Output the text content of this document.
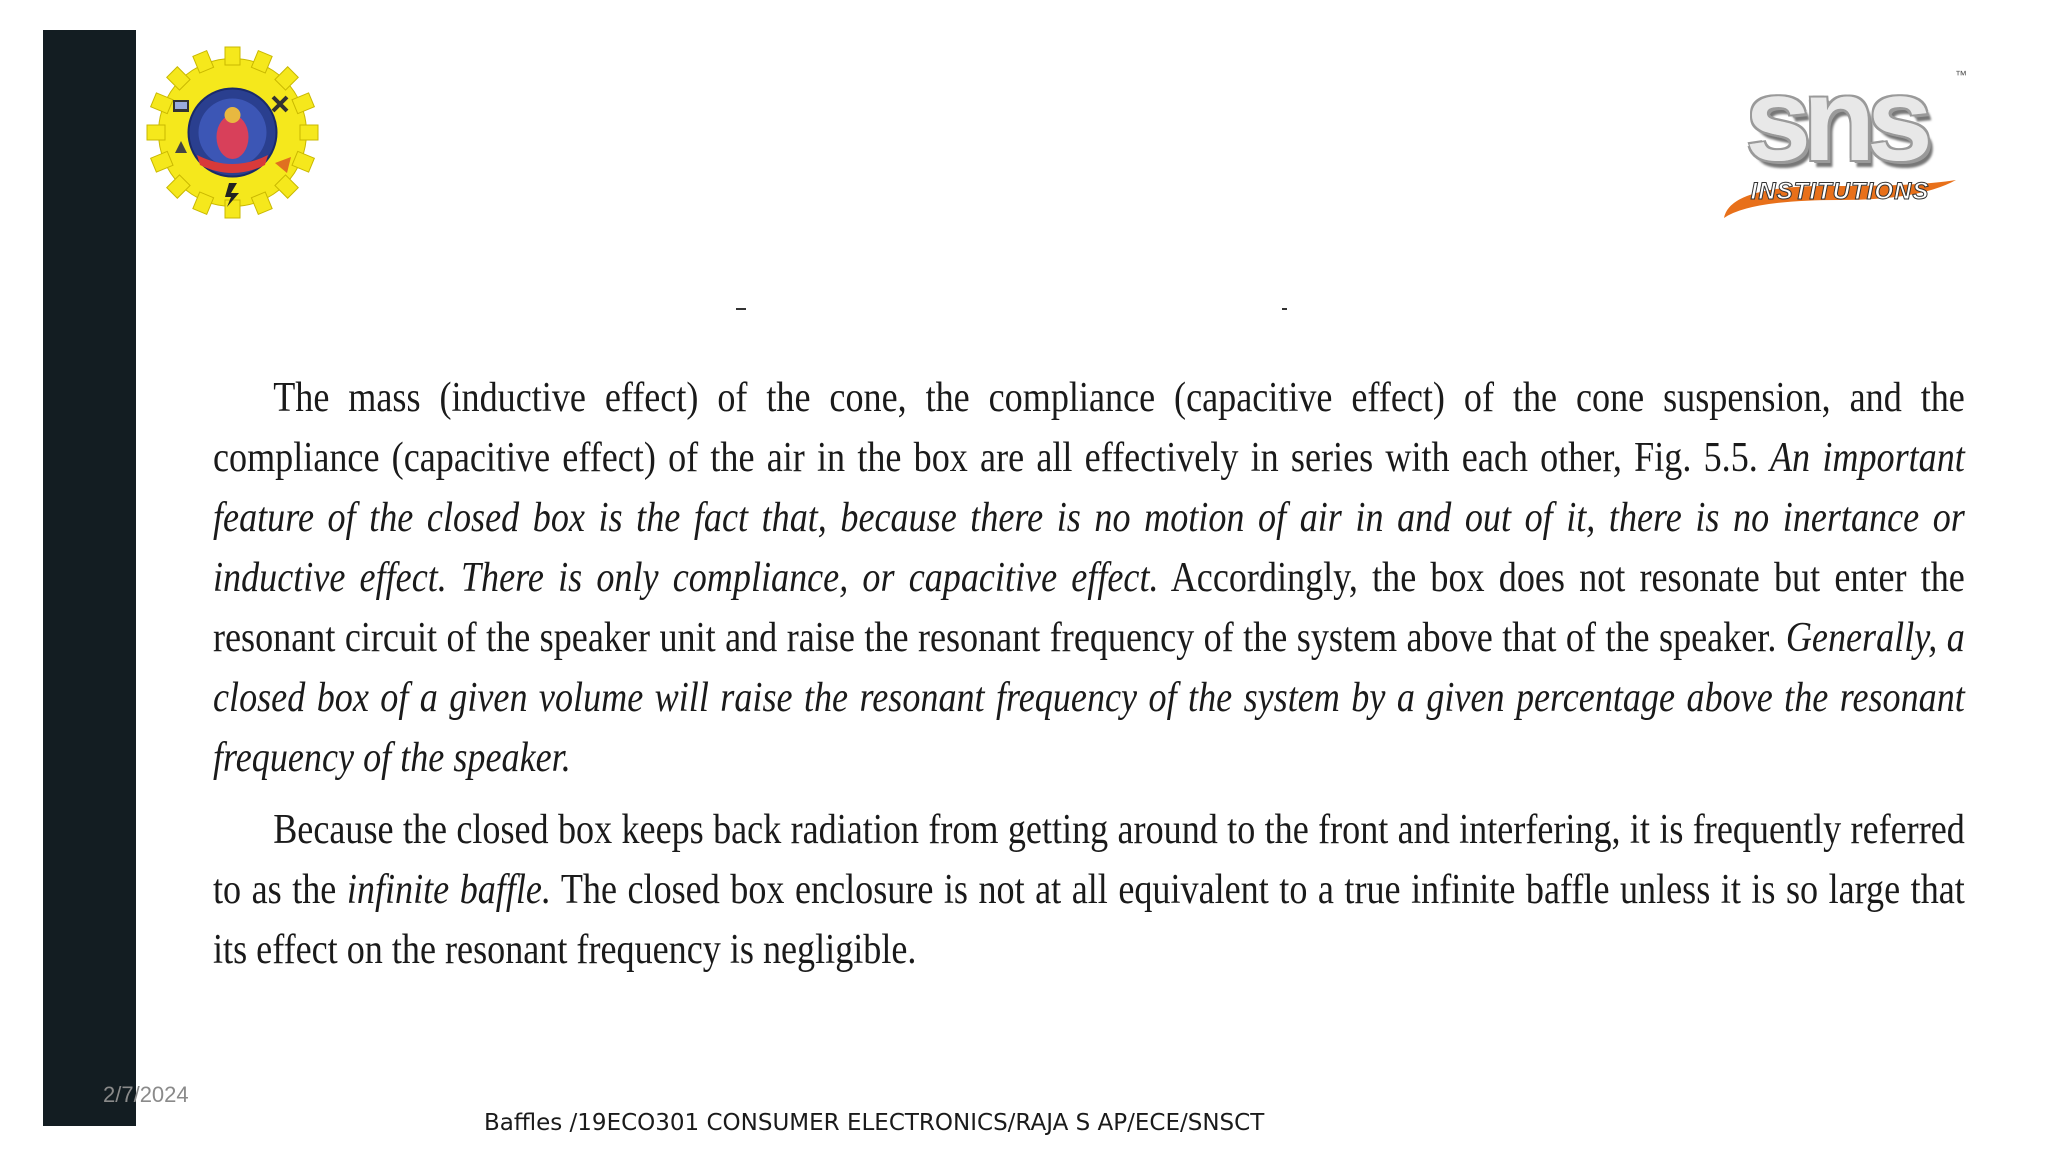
sns	™
INSTITUTIONS

The mass (inductive effect) of the cone, the compliance (capacitive effect) of the cone suspension, and the compliance (capacitive effect) of the air in the box are all effectively in series with each other, Fig. 5.5. An important feature of the closed box is the fact that, because there is no motion of air in and out of it, there is no inertance or inductive effect. There is only compliance, or capacitive effect. Accordingly, the box does not resonate but enter the resonant circuit of the speaker unit and raise the resonant frequency of the system above that of the speaker. Generally, a closed box of a given volume will raise the resonant frequency of the system by a given percentage above the resonant frequency of the speaker.

Because the closed box keeps back radiation from getting around to the front and interfering, it is frequently referred to as the infinite baffle. The closed box enclosure is not at all equivalent to a true infinite baffle unless it is so large that its effect on the resonant frequency is negligible.

2/7/2024
Baffles /19ECO301 CONSUMER ELECTRONICS/RAJA S AP/ECE/SNSCT
